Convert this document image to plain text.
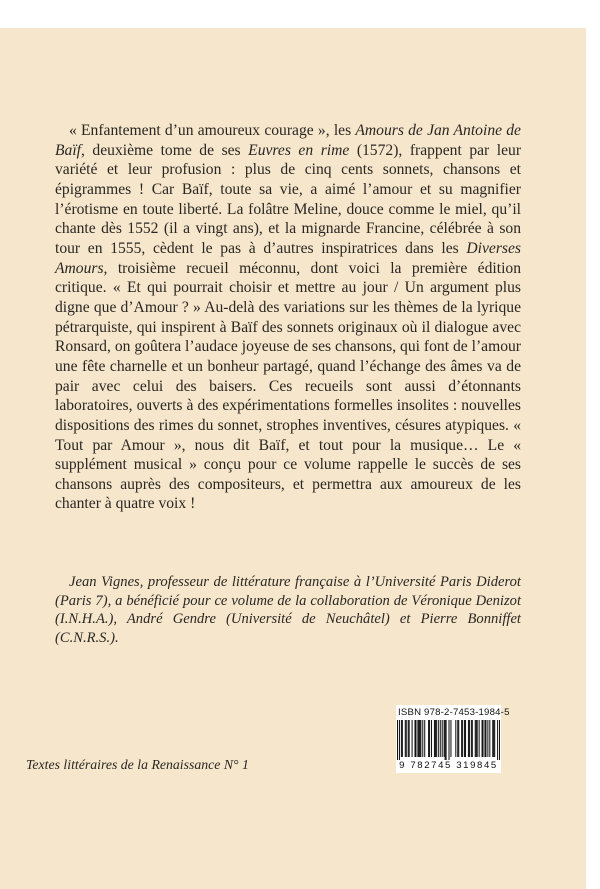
« Enfantement d’un amoureux courage », les Amours de Jan Antoine de Baïf, deuxième tome de ses Euvres en rime (1572), frappent par leur variété et leur profusion : plus de cinq cents sonnets, chansons et épigrammes ! Car Baïf, toute sa vie, a aimé l’amour et su magnifier l’érotisme en toute liberté. La folâtre Meline, douce comme le miel, qu’il chante dès 1552 (il a vingt ans), et la mignarde Francine, célébrée à son tour en 1555, cèdent le pas à d’autres inspiratrices dans les Diverses Amours, troisième recueil méconnu, dont voici la première édition critique. « Et qui pourrait choisir et mettre au jour / Un argument plus digne que d’Amour ? » Au-delà des variations sur les thèmes de la lyrique pétrarquiste, qui inspirent à Baïf des sonnets originaux où il dialogue avec Ronsard, on goûtera l’audace joyeuse de ses chansons, qui font de l’amour une fête charnelle et un bonheur partagé, quand l’échange des âmes va de pair avec celui des baisers. Ces recueils sont aussi d’étonnants laboratoires, ouverts à des expérimentations formelles insolites : nouvelles dispositions des rimes du sonnet, strophes inventives, césures atypiques. « Tout par Amour », nous dit Baïf, et tout pour la musique… Le « supplément musical » conçu pour ce volume rappelle le succès de ses chansons auprès des compositeurs, et permettra aux amoureux de les chanter à quatre voix !

Jean Vignes, professeur de littérature française à l’Université Paris Diderot (Paris 7), a bénéficié pour ce volume de la collaboration de Véronique Denizot (I.N.H.A.), André Gendre (Université de Neuchâtel) et Pierre Bonniffet (C.N.R.S.).

Textes littéraires de la Renaissance N° 1
ISBN 978-2-7453-1984-5
9 782745 319845
